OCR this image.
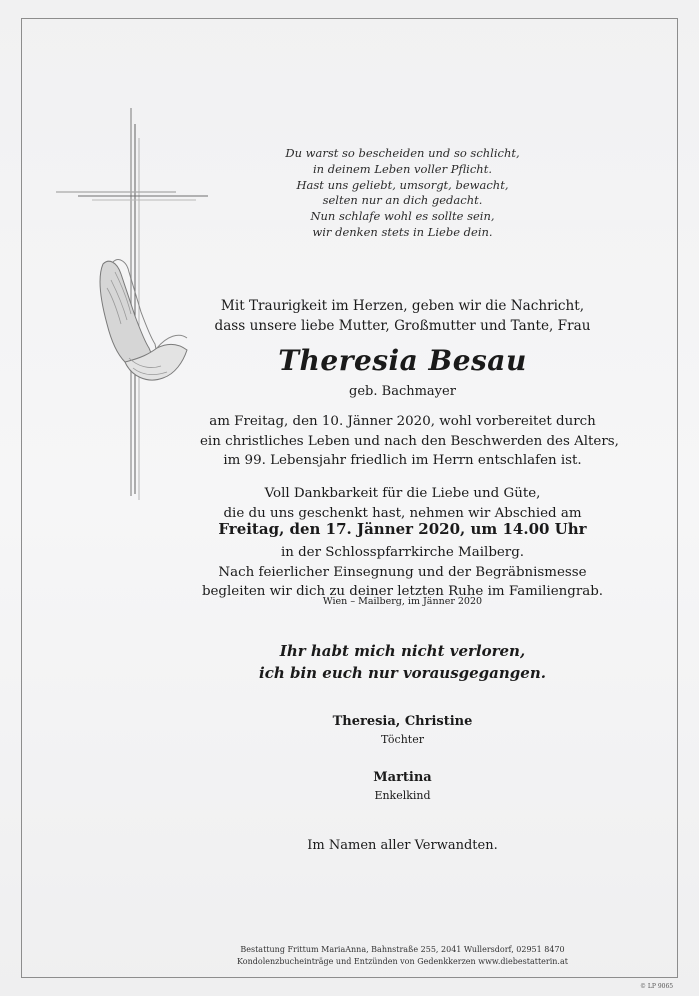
Du warst so bescheiden und so schlicht,
in deinem Leben voller Pflicht.
Hast uns geliebt, umsorgt, bewacht,
selten nur an dich gedacht.
Nun schlafe wohl es sollte sein,
wir denken stets in Liebe dein.
Mit Traurigkeit im Herzen, geben wir die Nachricht,
dass unsere liebe Mutter, Großmutter und Tante, Frau
Theresia Besau
geb. Bachmayer
am Freitag, den 10. Jänner 2020, wohl vorbereitet durch
ein christliches Leben und nach den Beschwerden des Alters,
im 99. Lebensjahr friedlich im Herrn entschlafen ist.
Voll Dankbarkeit für die Liebe und Güte,
die du uns geschenkt hast, nehmen wir Abschied am
Freitag, den 17. Jänner 2020, um 14.00 Uhr
in der Schlosspfarrkirche Mailberg.
Nach feierlicher Einsegnung und der Begräbnismesse
begleiten wir dich zu deiner letzten Ruhe im Familiengrab.
Wien – Mailberg, im Jänner 2020
Ihr habt mich nicht verloren,
ich bin euch nur vorausgegangen.
Theresia, Christine
Töchter
Martina
Enkelkind
Im Namen aller Verwandten.
Bestattung Frittum MariaAnna, Bahnstraße 255, 2041 Wullersdorf, 02951 8470
Kondolenzbucheinträge und Entzünden von Gedenkkerzen www.diebestatterin.at
© LP 9065
